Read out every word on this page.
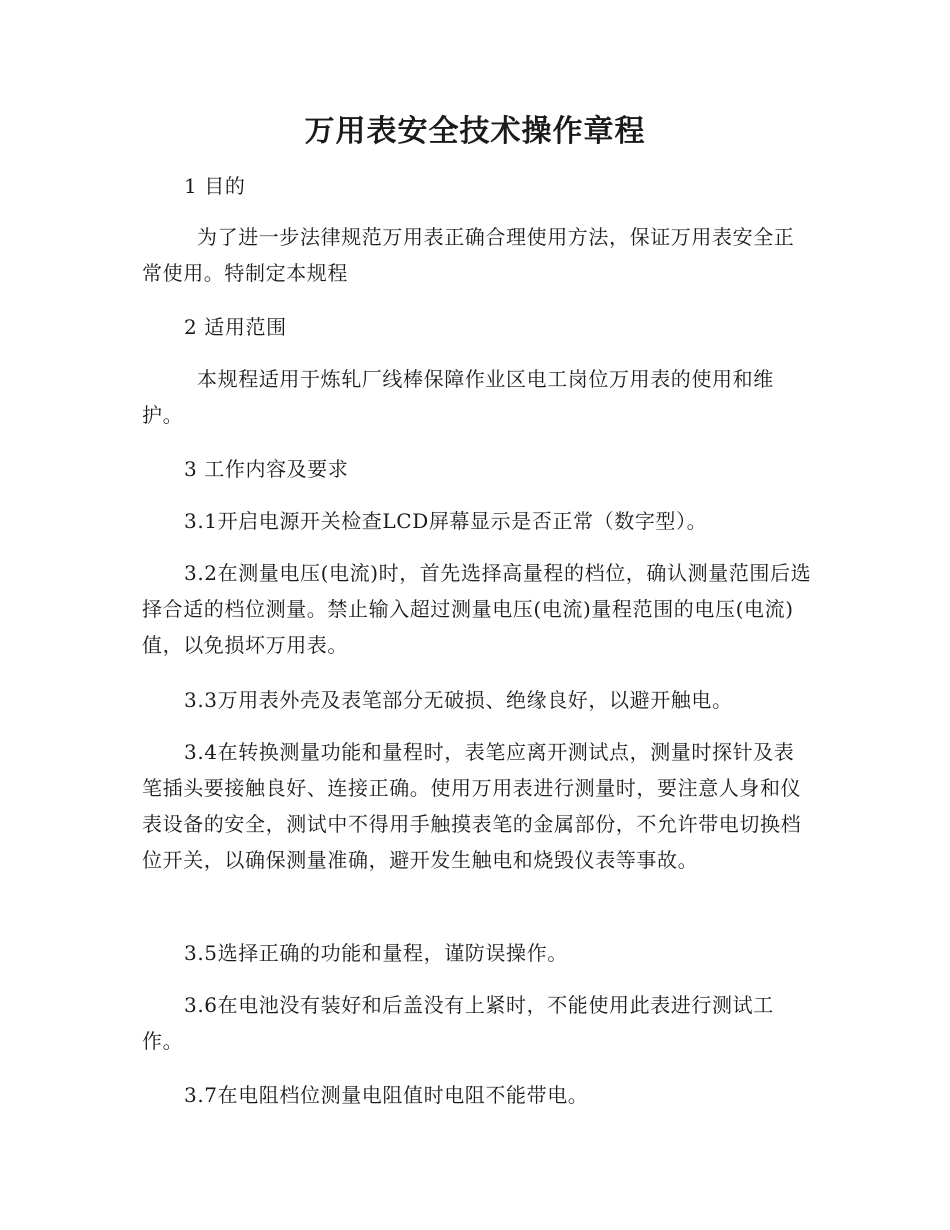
万用表安全技术操作章程

1 目的

为了进一步法律规范万用表正确合理使用方法，保证万用表安全正常使用。特制定本规程

2 适用范围

本规程适用于炼轧厂线棒保障作业区电工岗位万用表的使用和维护。

3 工作内容及要求

3.1开启电源开关检查LCD屏幕显示是否正常（数字型）。

3.2在测量电压(电流)时，首先选择高量程的档位，确认测量范围后选择合适的档位测量。禁止输入超过测量电压(电流)量程范围的电压(电流)值，以免损坏万用表。

3.3万用表外壳及表笔部分无破损、绝缘良好，以避开触电。

3.4在转换测量功能和量程时，表笔应离开测试点，测量时探针及表笔插头要接触良好、连接正确。使用万用表进行测量时，要注意人身和仪表设备的安全，测试中不得用手触摸表笔的金属部份，不允许带电切换档位开关，以确保测量准确，避开发生触电和烧毁仪表等事故。

3.5选择正确的功能和量程，谨防误操作。

3.6在电池没有装好和后盖没有上紧时，不能使用此表进行测试工作。

3.7在电阻档位测量电阻值时电阻不能带电。
